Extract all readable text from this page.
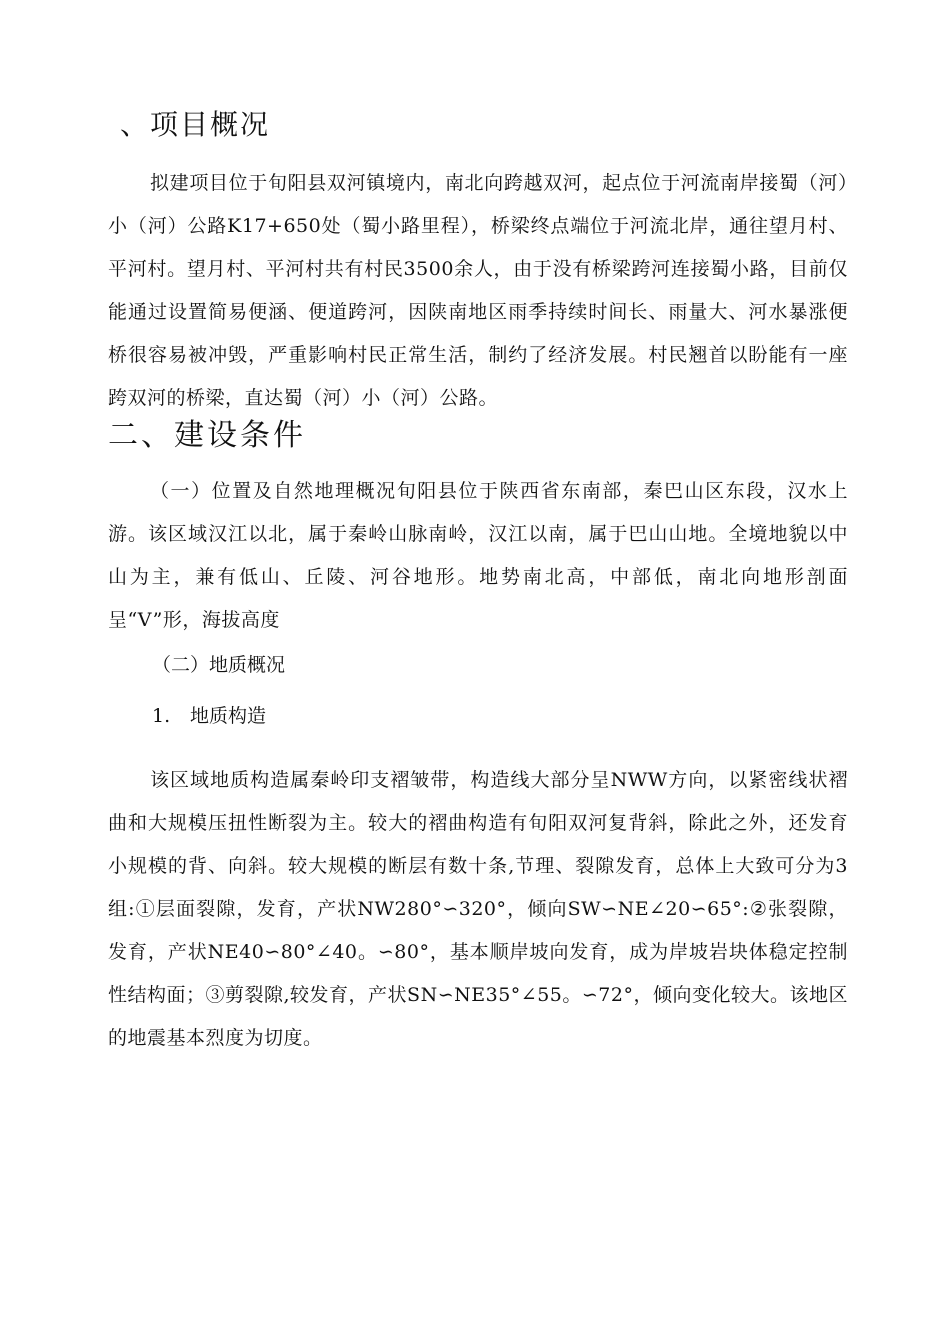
、项目概况
拟建项目位于旬阳县双河镇境内，南北向跨越双河，起点位于河流南岸接蜀（河）小（河）公路K17+650处（蜀小路里程），桥梁终点端位于河流北岸，通往望月村、平河村。望月村、平河村共有村民3500余人，由于没有桥梁跨河连接蜀小路，目前仅能通过设置简易便涵、便道跨河，因陕南地区雨季持续时间长、雨量大、河水暴涨便桥很容易被冲毁，严重影响村民正常生活，制约了经济发展。村民翘首以盼能有一座跨双河的桥梁，直达蜀（河）小（河）公路。
二、建设条件
（一）位置及自然地理概况旬阳县位于陕西省东南部，秦巴山区东段，汉水上游。该区域汉江以北，属于秦岭山脉南岭，汉江以南，属于巴山山地。全境地貌以中山为主，兼有低山、丘陵、河谷地形。地势南北高，中部低，南北向地形剖面呈“V”形，海拔高度
（二）地质概况
1. 地质构造
该区域地质构造属秦岭印支褶皱带，构造线大部分呈NWW方向，以紧密线状褶曲和大规模压扭性断裂为主。较大的褶曲构造有旬阳双河复背斜，除此之外，还发育小规模的背、向斜。较大规模的断层有数十条,节理、裂隙发育，总体上大致可分为3组:①层面裂隙，发育，产状NW280°∽320°，倾向SW∽NE∠20∽65°:②张裂隙，发育，产状NE40∽80°∠40。∽80°，基本顺岸坡向发育，成为岸坡岩块体稳定控制性结构面；③剪裂隙,较发育，产状SN∽NE35°∠55。∽72°，倾向变化较大。该地区的地震基本烈度为切度。
